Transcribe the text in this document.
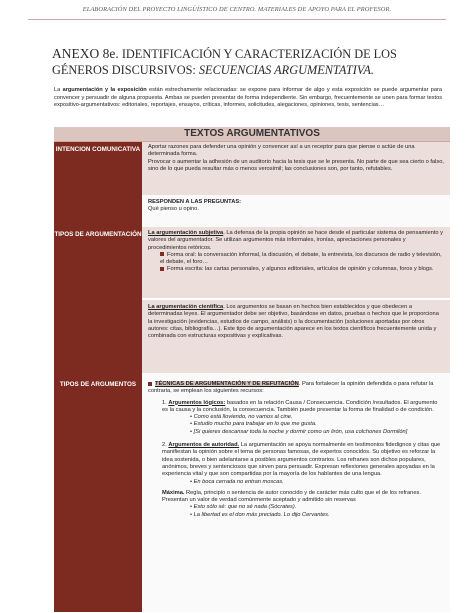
ELABORACIÓN DEL PROYECTO LINGÜÍSTICO DE CENTRO. MATERIALES DE APOYO PARA EL PROFESOR.
ANEXO 8e. IDENTIFICACIÓN Y CARACTERIZACIÓN DE LOS GÉNEROS DISCURSIVOS: SECUENCIAS ARGUMENTATIVA.
La argumentación y la exposición están estrechamente relacionadas: se expone para informar de algo y esta exposición se puede argumentar para convencer y persuadir de alguna propuesta. Ambas se pueden presentar de forma independiente. Sin embargo, frecuentemente se unen para formar textos expositivo-argumentativos: editoriales, reportajes, ensayos, críticas, informes, solicitudes, alegaciones, opiniones, tesis, sentencias…
TEXTOS ARGUMENTATIVOS
INTENCION COMUNICATIVA	Aportar razones para defender una opinión y convencer así a un receptor para que piense o actúe de una determinada forma.
Provocar o aumentar la adhesión de un auditorio hacia la tesis que se le presenta. No parte de que sea cierto o falso, sino de lo que pueda resultar más o menos verosímil; las conclusiones son, por tanto, refutables.
RESPONDEN A LAS PREGUNTAS:
Qué pienso u opino.
TIPOS DE ARGUMENTACIÓN	La argumentación subjetiva. La defensa de la propia opinión se hace desde el particular sistema de pensamiento y valores del argumentador. Se utilizan argumentos más informales, ironías, apreciaciones personales y procedimientos retóricos.
Forma oral: la conversación informal, la discusión, el debate, la entrevista, los discursos de radio y televisión, el debate, el foro…
Forma escrita: las cartas personales, y algunos editoriales, artículos de opinión y columnas, foros y blogs.
La argumentación científica. Los argumentos se basan en hechos bien establecidos y que obedecen a determinadas leyes. El argumentador debe ser objetivo, basándose en datos, pruebas o hechos que le proporciona la investigación (evidencias, estudios de campo, análisis) o la documentación (soluciones aportadas por otros autores: citas, bibliografía…). Este tipo de argumentación aparece en los textos científicos frecuentemente unida y combinada con estructuras expositivas y explicativas.
TIPOS DE ARGUMENTOS	TÉCNICAS DE ARGUMENTACIÓN Y DE REFUTACIÓN. Para fortalecer la opinión defendida o para refutar la contraria, se emplean los siguientes recursos:
1. Argumentos lógicos: basados en la relación Causa / Consecuencia. Condición /resultados. El argumento es la causa y la conclusión, la consecuencia. También puede presentar la forma de finalidad o de condición.
• Como está lloviendo, no vamos al cine.
• Estudio mucho para trabajar en lo que me gusta.
• [Si quieres descansar toda la noche y dormir como un lirón, usa colchones Dormilón]
2. Argumentos de autoridad. La argumentación se apoya normalmente en testimonios fidedignos y citas que manifiestan la opinión sobre el tema de personas famosas, de expertos conocidos. Su objetivo es reforzar la idea sostenida, o bien adelantarse a posibles argumentos contrarios. Los refranes son dichos populares, anónimos, breves y sentenciosos que sirven para persuadir. Expresan reflexiones generales apoyadas en la experiencia vital y que son compartidas por la mayoría de los hablantes de una lengua.
• En boca cerrada no entran moscas.
Máxima. Regla, principio o sentencia de autor conocido y de carácter más culto que el de los refranes. Presentan un valor de verdad comúnmente aceptado y admitido sin reservas
• Esto sólo sé: que no sé nada (Sócrates).
• La libertad es el don más preciado. Lo dijo Cervantes.
